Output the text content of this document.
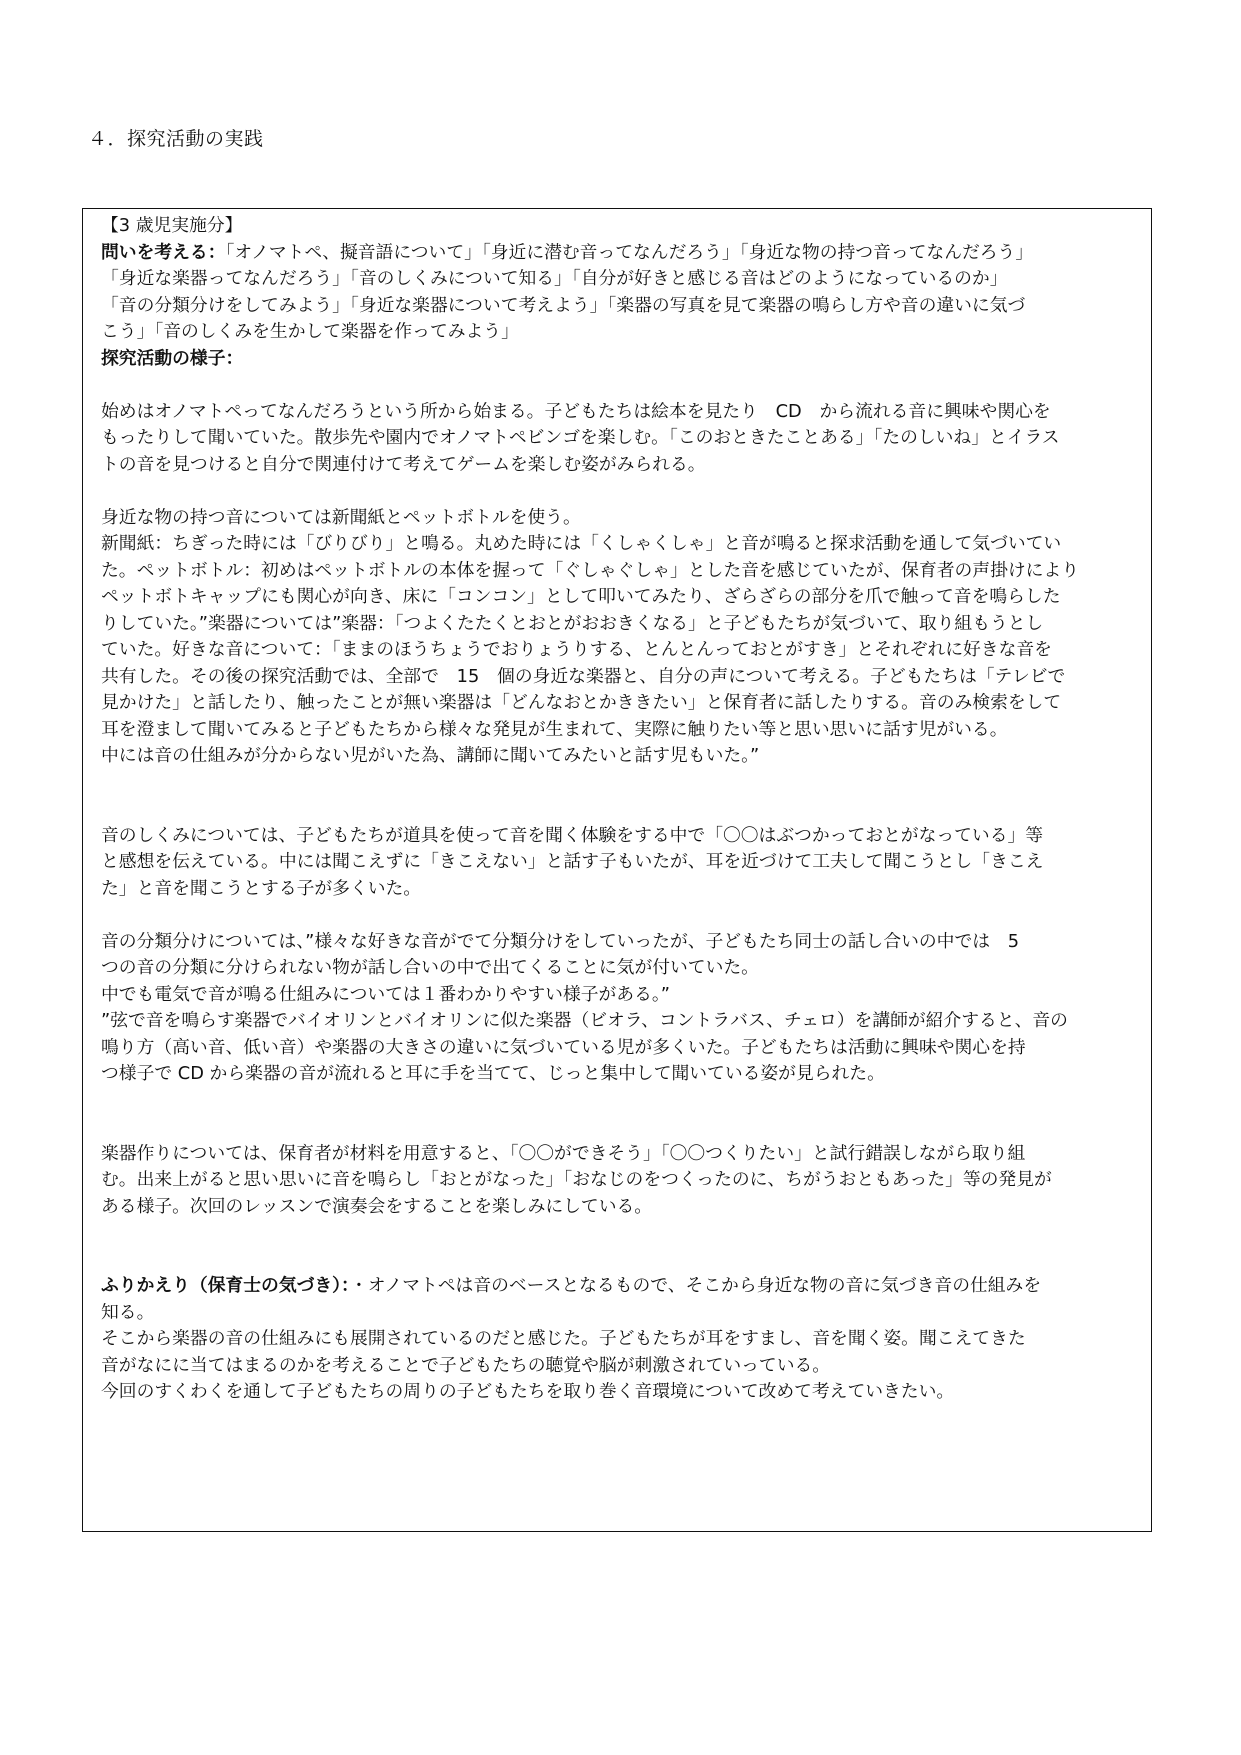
４．探究活動の実践

【3 歳児実施分】

問いを考える：「オノマトペ、擬音語について」「身近に潜む音ってなんだろう」「身近な物の持つ音ってなんだろう」
「身近な楽器ってなんだろう」「音のしくみについて知る」「自分が好きと感じる音はどのようになっているのか」
「音の分類分けをしてみよう」「身近な楽器について考えよう」「楽器の写真を見て楽器の鳴らし方や音の違いに気づ
こう」「音のしくみを生かして楽器を作ってみよう」

探究活動の様子：

始めはオノマトペってなんだろうという所から始まる。子どもたちは絵本を見たり　CD　から流れる音に興味や関心を
もったりして聞いていた。散歩先や園内でオノマトペビンゴを楽しむ。「このおときたことある」「たのしいね」とイラス
トの音を見つけると自分で関連付けて考えてゲームを楽しむ姿がみられる。

身近な物の持つ音については新聞紙とペットボトルを使う。
新聞紙：ちぎった時には「びりびり」と鳴る。丸めた時には「くしゃくしゃ」と音が鳴ると探求活動を通して気づいてい
た。ペットボトル：初めはペットボトルの本体を握って「ぐしゃぐしゃ」とした音を感じていたが、保育者の声掛けにより
ペットボトキャップにも関心が向き、床に「コンコン」として叩いてみたり、ざらざらの部分を爪で触って音を鳴らした
りしていた。”楽器については”楽器：「つよくたたくとおとがおおきくなる」と子どもたちが気づいて、取り組もうとし
ていた。好きな音について：「ままのほうちょうでおりょうりする、とんとんっておとがすき」とそれぞれに好きな音を
共有した。その後の探究活動では、全部で　15　個の身近な楽器と、自分の声について考える。子どもたちは「テレビで
見かけた」と話したり、触ったことが無い楽器は「どんなおとかききたい」と保育者に話したりする。音のみ検索をして
耳を澄まして聞いてみると子どもたちから様々な発見が生まれて、実際に触りたい等と思い思いに話す児がいる。
中には音の仕組みが分からない児がいた為、講師に聞いてみたいと話す児もいた。”

音のしくみについては、子どもたちが道具を使って音を聞く体験をする中で「〇〇はぶつかっておとがなっている」等
と感想を伝えている。中には聞こえずに「きこえない」と話す子もいたが、耳を近づけて工夫して聞こうとし「きこえ
た」と音を聞こうとする子が多くいた。

音の分類分けについては、”様々な好きな音がでて分類分けをしていったが、子どもたち同士の話し合いの中では　5
つの音の分類に分けられない物が話し合いの中で出てくることに気が付いていた。
中でも電気で音が鳴る仕組みについては１番わかりやすい様子がある。”
”弦で音を鳴らす楽器でバイオリンとバイオリンに似た楽器（ビオラ、コントラバス、チェロ）を講師が紹介すると、音の
鳴り方（高い音、低い音）や楽器の大きさの違いに気づいている児が多くいた。子どもたちは活動に興味や関心を持
つ様子で CD から楽器の音が流れると耳に手を当てて、じっと集中して聞いている姿が見られた。

楽器作りについては、保育者が材料を用意すると、「〇〇ができそう」「〇〇つくりたい」と試行錯誤しながら取り組
む。出来上がると思い思いに音を鳴らし「おとがなった」「おなじのをつくったのに、ちがうおともあった」等の発見が
ある様子。次回のレッスンで演奏会をすることを楽しみにしている。

ふりかえり（保育士の気づき）：・オノマトペは音のベースとなるもので、そこから身近な物の音に気づき音の仕組みを
知る。
そこから楽器の音の仕組みにも展開されているのだと感じた。子どもたちが耳をすまし、音を聞く姿。聞こえてきた
音がなにに当てはまるのかを考えることで子どもたちの聴覚や脳が刺激されていっている。
今回のすくわくを通して子どもたちの周りの子どもたちを取り巻く音環境について改めて考えていきたい。
